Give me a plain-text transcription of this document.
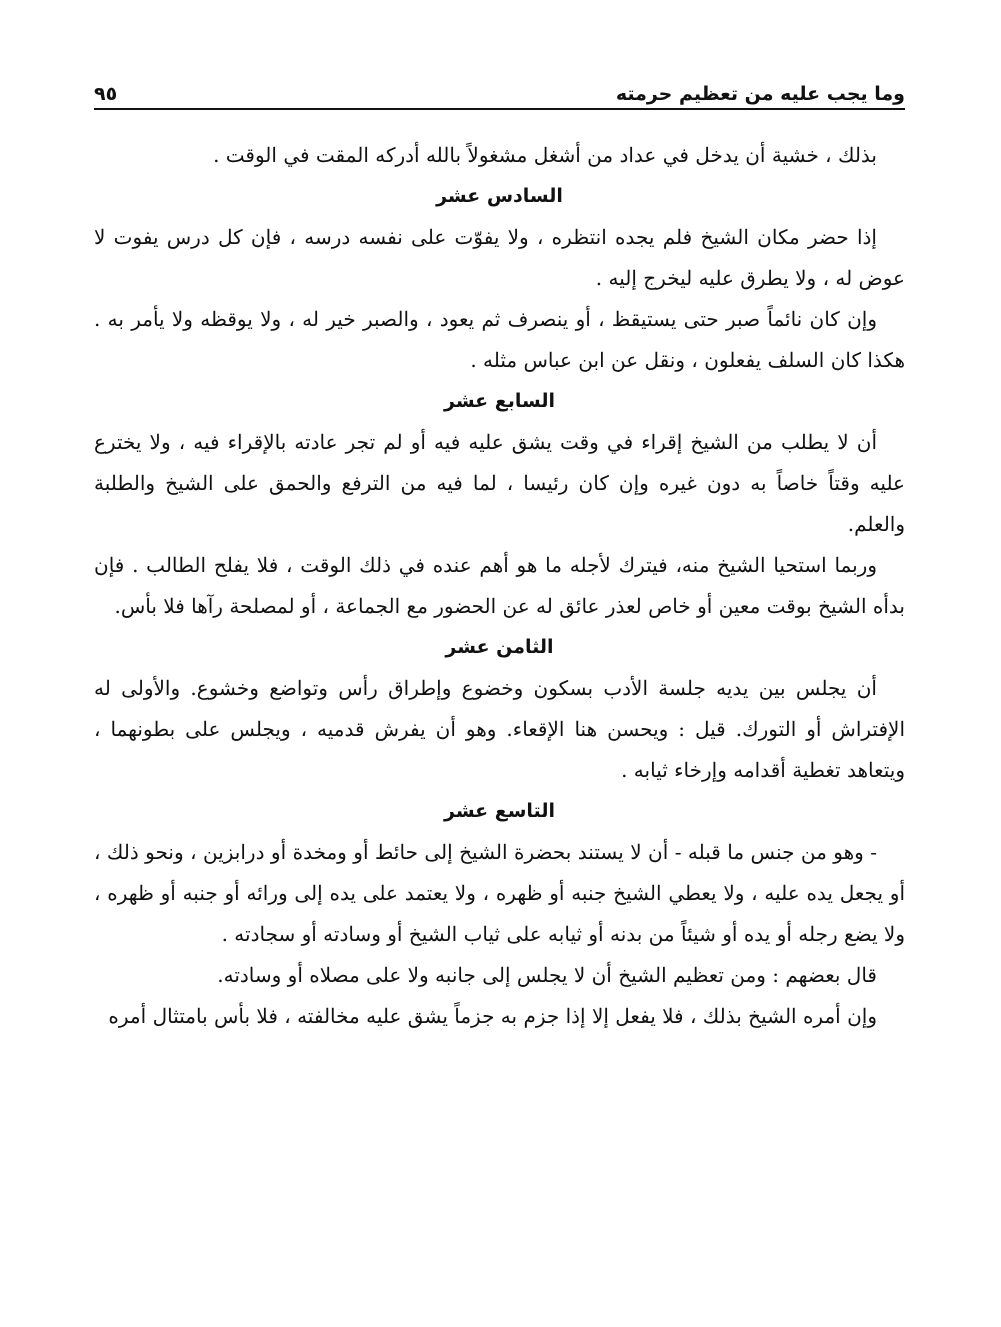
وما يجب عليه من تعظيم حرمته
٩٥

بذلك ، خشية أن يدخل في عداد من أشغل مشغولاً بالله أدركه المقت في الوقت .

السادس عشر

إذا حضر مكان الشيخ فلم يجده انتظره ، ولا يفوّت على نفسه درسه ، فإن كل درس يفوت لا عوض له ، ولا يطرق عليه ليخرج إليه .

وإن كان نائماً صبر حتى يستيقظ ، أو ينصرف ثم يعود ، والصبر خير له ، ولا يوقظه ولا يأمر به . هكذا كان السلف يفعلون ، ونقل عن ابن عباس مثله .

السابع عشر

أن لا يطلب من الشيخ إقراء في وقت يشق عليه فيه أو لم تجر عادته بالإقراء فيه ، ولا يخترع عليه وقتاً خاصاً به دون غيره وإن كان رئيسا ، لما فيه من الترفع والحمق على الشيخ والطلبة والعلم.

وربما استحيا الشيخ منه، فيترك لأجله ما هو أهم عنده في ذلك الوقت ، فلا يفلح الطالب . فإن بدأه الشيخ بوقت معين أو خاص لعذر عائق له عن الحضور مع الجماعة ، أو لمصلحة رآها فلا بأس.

الثامن عشر

أن يجلس بين يديه جلسة الأدب بسكون وخضوع وإطراق رأس وتواضع وخشوع. والأولى له الإفتراش أو التورك. قيل : ويحسن هنا الإقعاء. وهو أن يفرش قدميه ، ويجلس على بطونهما ، ويتعاهد تغطية أقدامه وإرخاء ثيابه .

التاسع عشر

- وهو من جنس ما قبله - أن لا يستند بحضرة الشيخ إلى حائط أو ومخدة أو درابزين ، ونحو ذلك ، أو يجعل يده عليه ، ولا يعطي الشيخ جنبه أو ظهره ، ولا يعتمد على يده إلى ورائه أو جنبه أو ظهره ، ولا يضع رجله أو يده أو شيئاً من بدنه أو ثيابه على ثياب الشيخ أو وسادته أو سجادته .

قال بعضهم : ومن تعظيم الشيخ أن لا يجلس إلى جانبه ولا على مصلاه أو وسادته.

وإن أمره الشيخ بذلك ، فلا يفعل إلا إذا جزم به جزماً يشق عليه مخالفته ، فلا بأس بامتثال أمره
